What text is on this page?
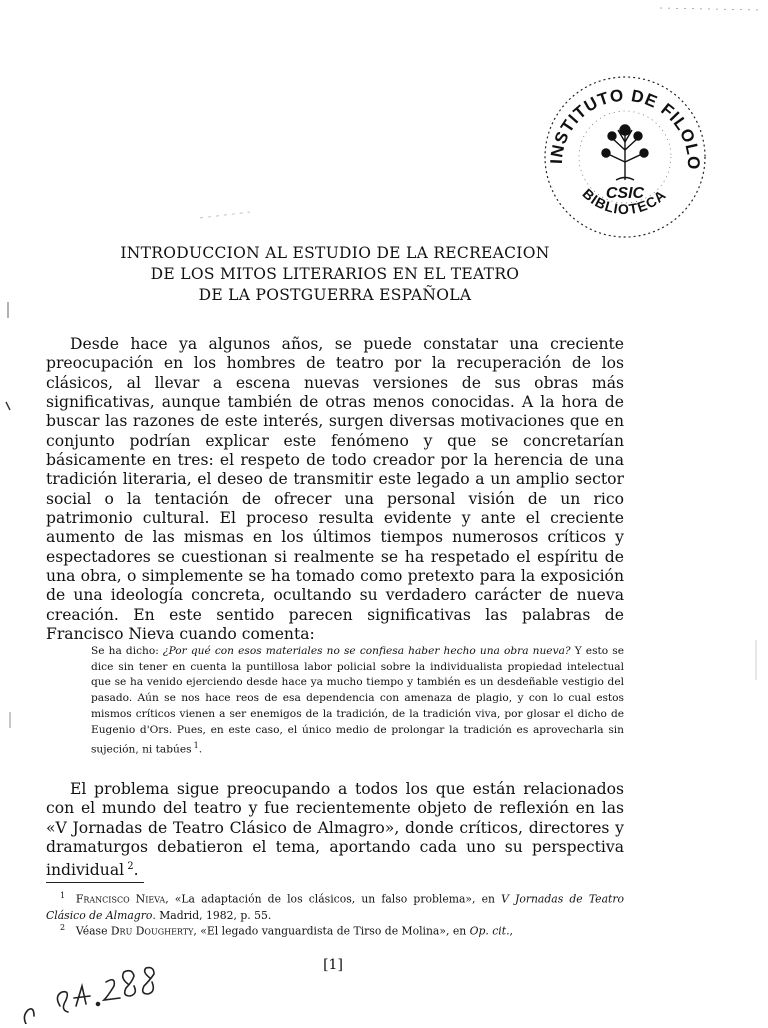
INSTITUTO DE FILOLO
BIBLIOTECA
CSIC
INTRODUCCION AL ESTUDIO DE LA RECREACION
DE LOS MITOS LITERARIOS EN EL TEATRO
DE LA POSTGUERRA ESPAÑOLA

Desde hace ya algunos años, se puede constatar una creciente preocupación en los hombres de teatro por la recuperación de los clásicos, al llevar a escena nuevas versiones de sus obras más significativas, aunque también de otras menos conocidas. A la hora de buscar las razones de este interés, surgen diversas motivaciones que en conjunto podrían explicar este fenómeno y que se concretarían básicamente en tres: el respeto de todo creador por la herencia de una tradición literaria, el deseo de transmitir este legado a un amplio sector social o la tentación de ofrecer una personal visión de un rico patrimonio cultural. El proceso resulta evidente y ante el creciente aumento de las mismas en los últimos tiempos numerosos críticos y espectadores se cuestionan si realmente se ha respetado el espíritu de una obra, o simplemente se ha tomado como pretexto para la exposición de una ideología concreta, ocultando su verdadero carácter de nueva creación. En este sentido parecen significativas las palabras de Francisco Nieva cuando comenta:

Se ha dicho: ¿Por qué con esos materiales no se confiesa haber hecho una obra nueva? Y esto se dice sin tener en cuenta la puntillosa labor policial sobre la individualista propiedad intelectual que se ha venido ejerciendo desde hace ya mucho tiempo y también es un desdeñable vestigio del pasado. Aún se nos hace reos de esa dependencia con amenaza de plagio, y con lo cual estos mismos críticos vienen a ser enemigos de la tradición, de la tradición viva, por glosar el dicho de Eugenio d'Ors. Pues, en este caso, el único medio de prolongar la tradición es aprovecharla sin sujeción, ni tabúes  $^1$.

El problema sigue preocupando a todos los que están relacionados con el mundo del teatro y fue recientemente objeto de reflexión en las «V Jornadas de Teatro Clásico de Almagro», donde críticos, directores y dramaturgos debatieron el tema, aportando cada uno su perspectiva individual  $^2$.

$^1$  Francisco Nieva, «La adaptación de los clásicos, un falso problema», en V Jornadas de Teatro Clásico de Almagro. Madrid, 1982, p. 55.

$^2$  Véase Dru Dougherty, «El legado vanguardista de Tirso de Molina», en Op. cit.,

[1]
